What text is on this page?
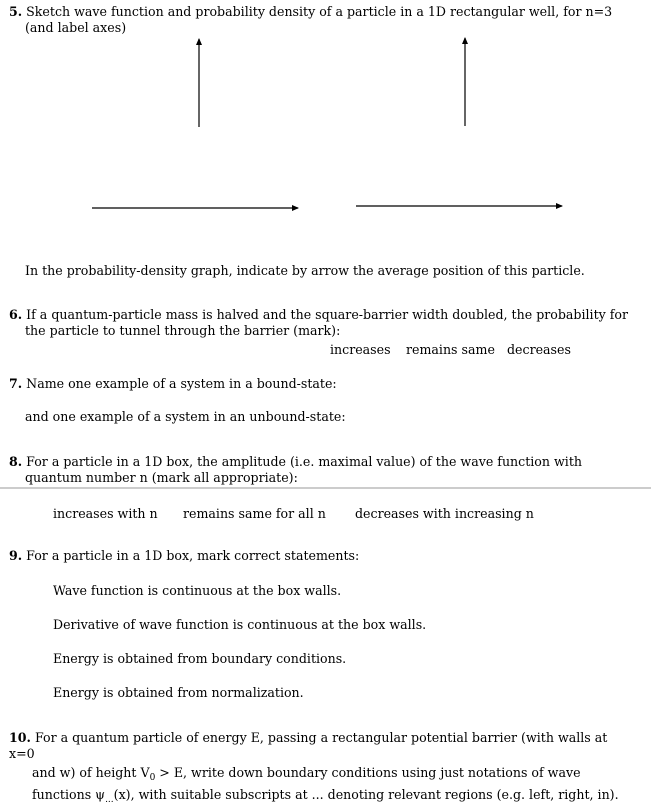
5. Sketch wave function and probability density of a particle in a 1D rectangular well, for n=3
(and label axes)
In the probability-density graph, indicate by arrow the average position of this particle.
6. If a quantum-particle mass is halved and the square-barrier width doubled, the probability for
the particle to tunnel through the barrier (mark):
increases remains same decreases
7. Name one example of a system in a bound-state:
and one example of a system in an unbound-state:
8. For a particle in a 1D box, the amplitude (i.e. maximal value) of the wave function with
quantum number n (mark all appropriate):
increases with n remains same for all n decreases with increasing n
9. For a particle in a 1D box, mark correct statements:
Wave function is continuous at the box walls.
Derivative of wave function is continuous at the box walls.
Energy is obtained from boundary conditions.
Energy is obtained from normalization.
10. For a quantum particle of energy E, passing a rectangular potential barrier (with walls at
x=0
and w) of height $V_0 > E$, write down boundary conditions using just notations of wave
functions $\psi_{...}(x)$, with suitable subscripts at ... denoting relevant regions (e.g. left, right, in).
